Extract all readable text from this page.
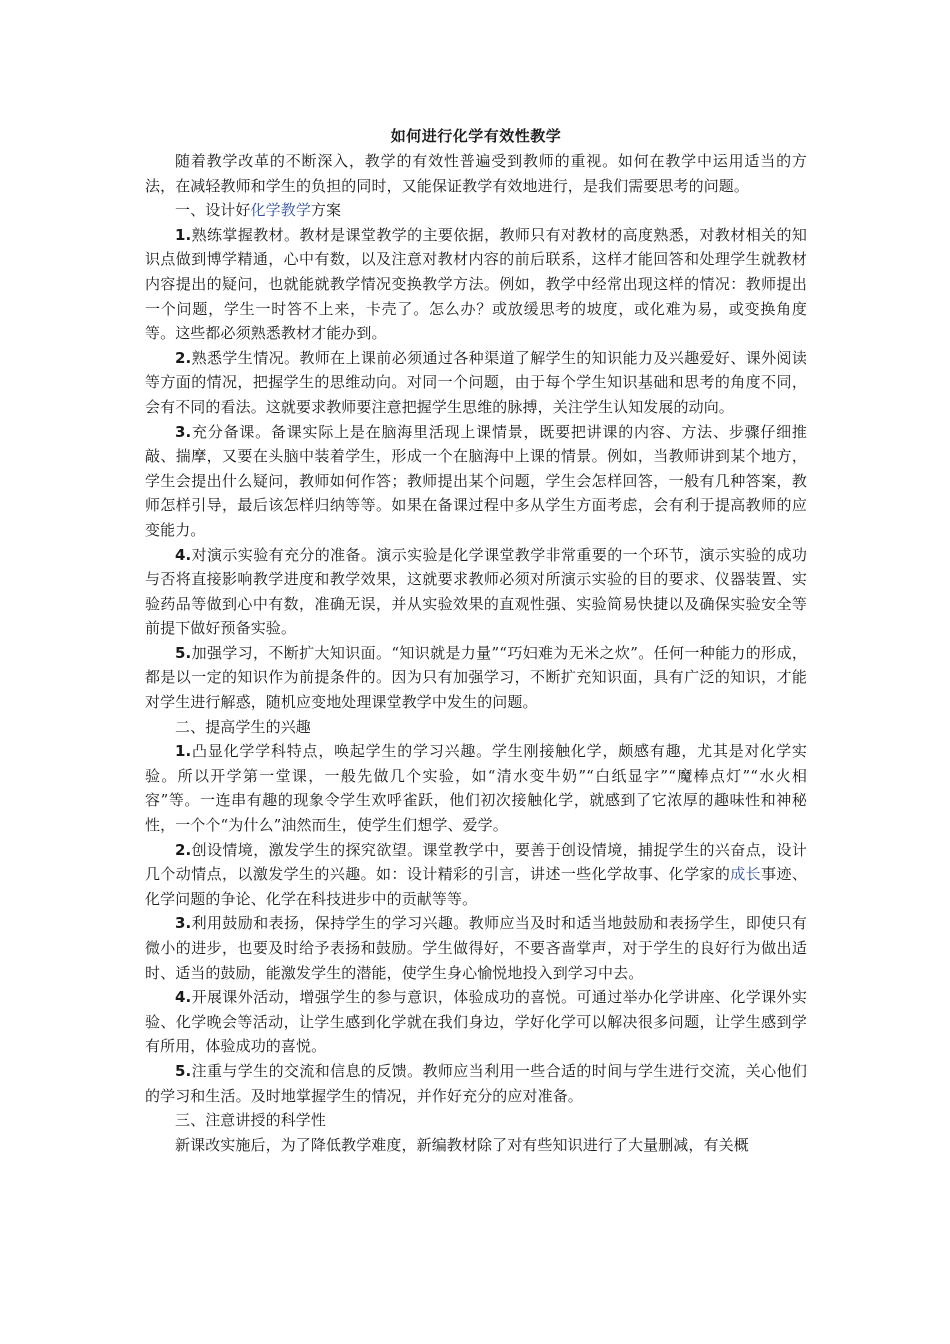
如何进行化学有效性教学

随着教学改革的不断深入，教学的有效性普遍受到教师的重视。如何在教学中运用适当的方法，在减轻教师和学生的负担的同时，又能保证教学有效地进行，是我们需要思考的问题。

一、设计好化学教学方案

1.熟练掌握教材。教材是课堂教学的主要依据，教师只有对教材的高度熟悉，对教材相关的知识点做到博学精通，心中有数，以及注意对教材内容的前后联系，这样才能回答和处理学生就教材内容提出的疑问，也就能就教学情况变换教学方法。例如，教学中经常出现这样的情况：教师提出一个问题，学生一时答不上来，卡壳了。怎么办？或放缓思考的坡度，或化难为易，或变换角度等。这些都必须熟悉教材才能办到。

2.熟悉学生情况。教师在上课前必须通过各种渠道了解学生的知识能力及兴趣爱好、课外阅读等方面的情况，把握学生的思维动向。对同一个问题，由于每个学生知识基础和思考的角度不同，会有不同的看法。这就要求教师要注意把握学生思维的脉搏，关注学生认知发展的动向。

3.充分备课。备课实际上是在脑海里活现上课情景，既要把讲课的内容、方法、步骤仔细推敲、揣摩，又要在头脑中装着学生，形成一个在脑海中上课的情景。例如，当教师讲到某个地方，学生会提出什么疑问，教师如何作答；教师提出某个问题，学生会怎样回答，一般有几种答案，教师怎样引导，最后该怎样归纳等等。如果在备课过程中多从学生方面考虑，会有利于提高教师的应变能力。

4.对演示实验有充分的准备。演示实验是化学课堂教学非常重要的一个环节，演示实验的成功与否将直接影响教学进度和教学效果，这就要求教师必须对所演示实验的目的要求、仪器装置、实验药品等做到心中有数，准确无误，并从实验效果的直观性强、实验简易快捷以及确保实验安全等前提下做好预备实验。

5.加强学习，不断扩大知识面。“知识就是力量”“巧妇难为无米之炊”。任何一种能力的形成，都是以一定的知识作为前提条件的。因为只有加强学习，不断扩充知识面，具有广泛的知识，才能对学生进行解惑，随机应变地处理课堂教学中发生的问题。

二、提高学生的兴趣

1.凸显化学学科特点，唤起学生的学习兴趣。学生刚接触化学，颇感有趣，尤其是对化学实验。所以开学第一堂课，一般先做几个实验，如“清水变牛奶”“白纸显字”“魔棒点灯”“水火相容”等。一连串有趣的现象令学生欢呼雀跃，他们初次接触化学，就感到了它浓厚的趣味性和神秘性，一个个“为什么”油然而生，使学生们想学、爱学。

2.创设情境，激发学生的探究欲望。课堂教学中，要善于创设情境，捕捉学生的兴奋点，设计几个动情点，以激发学生的兴趣。如：设计精彩的引言，讲述一些化学故事、化学家的成长事迹、化学问题的争论、化学在科技进步中的贡献等等。

3.利用鼓励和表扬，保持学生的学习兴趣。教师应当及时和适当地鼓励和表扬学生，即使只有微小的进步，也要及时给予表扬和鼓励。学生做得好，不要吝啬掌声，对于学生的良好行为做出适时、适当的鼓励，能激发学生的潜能，使学生身心愉悦地投入到学习中去。

4.开展课外活动，增强学生的参与意识，体验成功的喜悦。可通过举办化学讲座、化学课外实验、化学晚会等活动，让学生感到化学就在我们身边，学好化学可以解决很多问题，让学生感到学有所用，体验成功的喜悦。

5.注重与学生的交流和信息的反馈。教师应当利用一些合适的时间与学生进行交流，关心他们的学习和生活。及时地掌握学生的情况，并作好充分的应对准备。

三、注意讲授的科学性

新课改实施后，为了降低教学难度，新编教材除了对有些知识进行了大量删减，有关概
